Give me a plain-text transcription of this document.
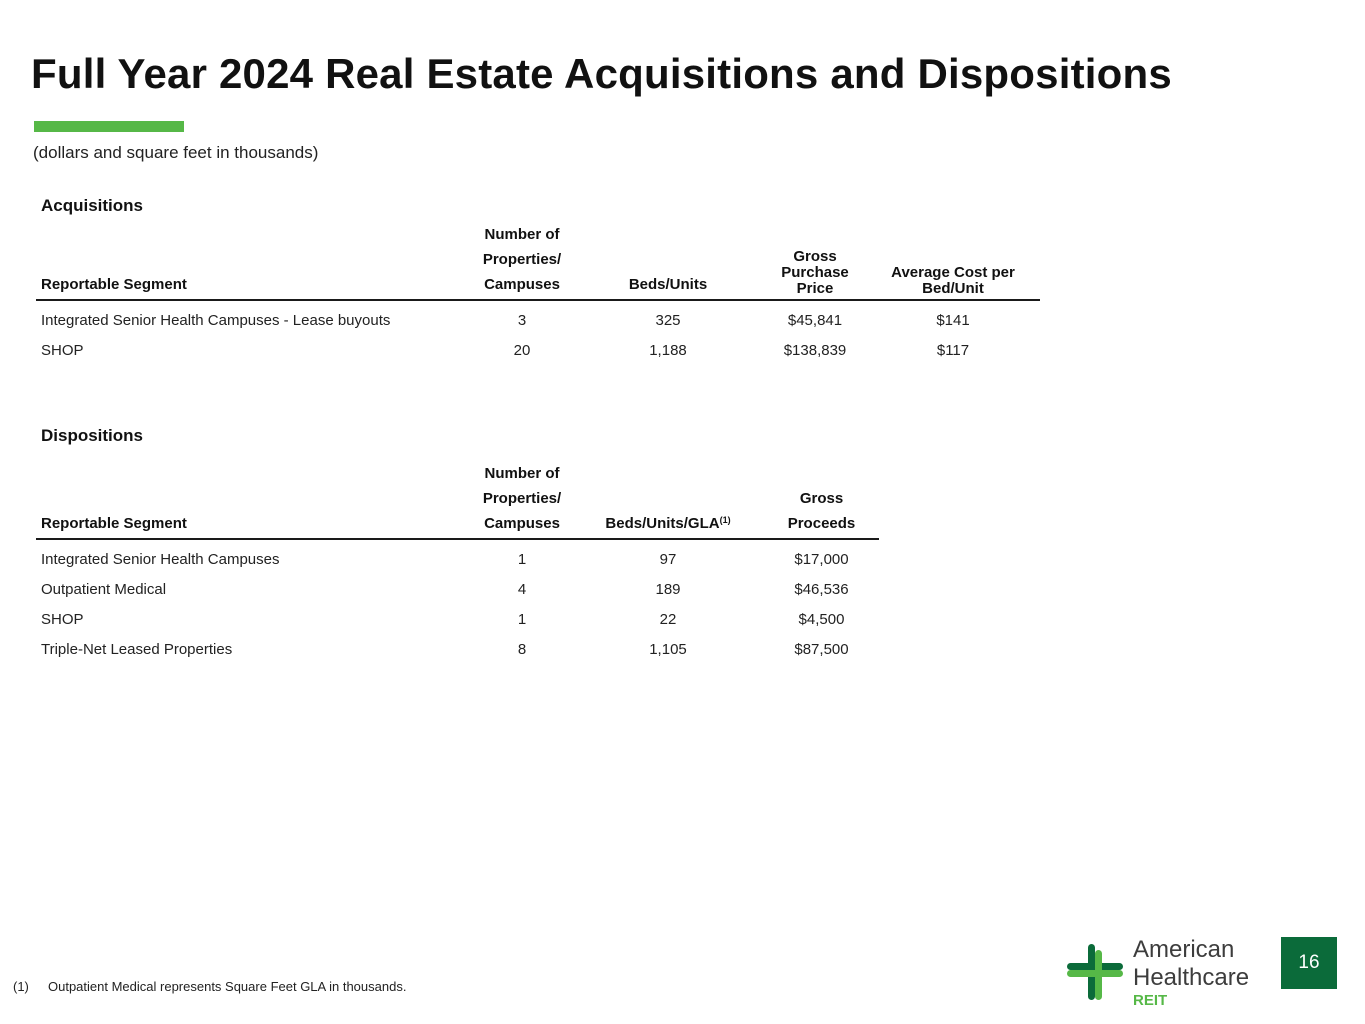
Full Year 2024 Real Estate Acquisitions and Dispositions
(dollars and square feet in thousands)
Acquisitions
Reportable Segment	Number of
Properties/
Campuses	Beds/Units	Gross Purchase
Price	Average Cost per
Bed/Unit

Integrated Senior Health Campuses - Lease buyouts	3	325	$45,841	$141
SHOP	20	1,188	$138,839	$117
Dispositions
Reportable Segment	Number of
Properties/
Campuses	Beds/Units/GLA$^{(1)}$	Gross Proceeds

Integrated Senior Health Campuses	1	97	$17,000
Outpatient Medical	4	189	$46,536
SHOP	1	22	$4,500
Triple-Net Leased Properties	8	1,105	$87,500
(1) Outpatient Medical represents Square Feet GLA in thousands.
American
Healthcare
REIT
16
